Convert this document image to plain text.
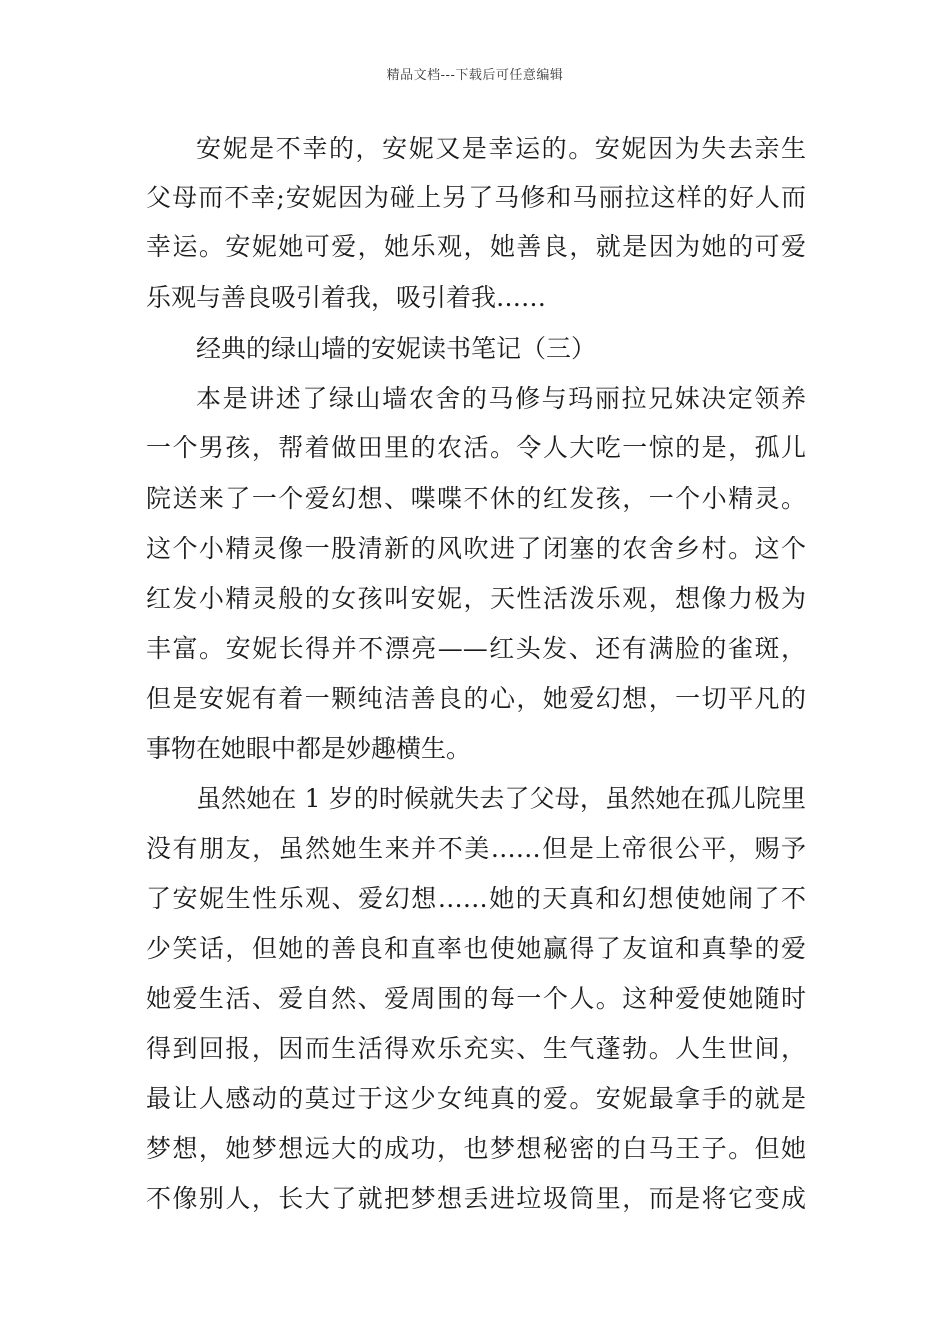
精品文档---下载后可任意编辑
安妮是不幸的，安妮又是幸运的。安妮因为失去亲生
父母而不幸;安妮因为碰上另了马修和马丽拉这样的好人而
幸运。安妮她可爱，她乐观，她善良，就是因为她的可爱
乐观与善良吸引着我，吸引着我……
经典的绿山墙的安妮读书笔记（三）
本是讲述了绿山墙农舍的马修与玛丽拉兄妹决定领养
一个男孩，帮着做田里的农活。令人大吃一惊的是，孤儿
院送来了一个爱幻想、喋喋不休的红发孩，一个小精灵。
这个小精灵像一股清新的风吹进了闭塞的农舍乡村。这个
红发小精灵般的女孩叫安妮，天性活泼乐观，想像力极为
丰富。安妮长得并不漂亮——红头发、还有满脸的雀斑，
但是安妮有着一颗纯洁善良的心，她爱幻想，一切平凡的
事物在她眼中都是妙趣横生。
虽然她在 1 岁的时候就失去了父母，虽然她在孤儿院里
没有朋友，虽然她生来并不美……但是上帝很公平，赐予
了安妮生性乐观、爱幻想……她的天真和幻想使她闹了不
少笑话，但她的善良和直率也使她赢得了友谊和真挚的爱
她爱生活、爱自然、爱周围的每一个人。这种爱使她随时
得到回报，因而生活得欢乐充实、生气蓬勃。人生世间，
最让人感动的莫过于这少女纯真的爱。安妮最拿手的就是
梦想，她梦想远大的成功，也梦想秘密的白马王子。但她
不像别人，长大了就把梦想丢进垃圾筒里，而是将它变成
